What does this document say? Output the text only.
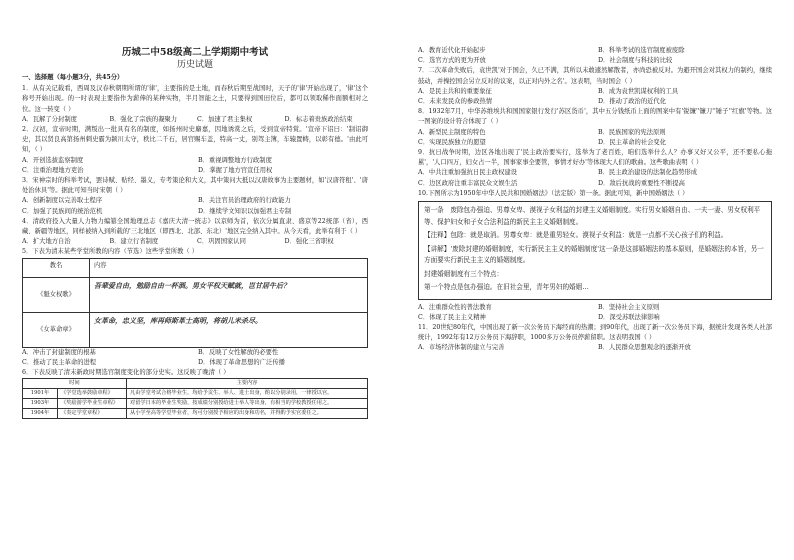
历城二中58级高二上学期期中考试
历史试题
一、选择题（每小题3分，共45分）

1．从有关记载看，西周及汉春秋朝期所谓的'律'，主要指的是土地，而春秋后期至战国时，天子的'律'开始出现了，'律'这个称号开始出现。的一时表现主要指作为薪俸的某种实物，半月智能之土，只要得到国田位后，都可以领取稀作面额相对之位。这一转变（ ）

A．瓦解了分封制度	B．强化了宗族的凝聚力	C．加速了君主集权	D．标志着贵族政治结束

2．汉初，宣帝时期，满叛出一批具有名的制度，如扬州时史麝嘉，因地诱赏之后，受到宣帝特赏。'宣帝下诏曰：'制诏御史，其以贤良高第扬州刺史霸为颍川太守，秩比二千石，居官赐车盖，特高一丈，别驾主簿，车辕置帱，以彰有德。'由此可知，（ ）

A．开创选拔监察制度	B．重视调整地方行政制度
C．注重治理地方吏治	D．掌握了地方官宣任用权

3．宋神宗时的科举考试，罢诗赋、贴经、墨义，专考策论和大义，其中策问大抵以汉唐故事为主要题材，如'汉唐符租'、'唐处治休具'等。据此可知当时宋朝（ ）

A．创新制度以完善取士程序	B．关注官员治理政府的行政能力
C．加强了民族间的统治范机	D．继续学文知识以加强君主专制

4．清政府投入大量人力物力编纂全国地理总志《嘉庆大清一统志》以京师为首，依次分属直隶、盛京等22统部（省），西藏、新疆等地区，同样被纳入到所载的'三北地区（即西北、北部、东北）'地区完全纳入其中。从今天看，此举有利于（ ）

A．扩大地方自治	B．建立行省制度	C．巩固国家认同	D．强化三省职权

5．下表为清末某些学堂所教的内容（节选）这些学堂所教（ ）

教名	内容
《魁女权歌》	吾辈爱自由，勉励自由一杯酒。男女平权天赋就，岂甘居牛后？
《女革命章》	女革命，忠义坚，库再师斯革士高明，将胡儿米杀尽。
A．冲击了封建制度的根基	B．反映了女性解放的必要性
C．推动了民主革命的进程	D．体现了革命思想的广泛传播

6．下表反映了清末新政时期选官制度变化的部分史实。这反映了晚清（ ）

时间		主要内容
1901年	《学堂选举鼓励章程》	凡由学堂考试合格毕业生，均给予贡生、举人、进士出身，酌以分别录用，一律授以官。
1903年	《奖励游学毕业生章程》	对留学日本的毕业生奖励，按成绩分别授给进士举人等出身，有相当的学校教授任用之。
1904年	《奏定学堂章程》	从小学至高等学堂毕业者，均可分别授予相应的出身和功名，并得酌予实官委任之。
A．教育近代化开始起步	B．科举考试的选官制度被废除
C．选官方式的更为开放	D．社会制度与科技的比较

7．二次革命失败后，袁世凯'对于国会，久已不满，其所以未敢遽然解散者，亦尚恐被反对。为避开国会对其权力的制约，继续鼓动，并操控国会另立反对的议案，以正对内外之名'。这表明，当时国会（ ）

A．是民主共和的重要象征	B．成为袁世凯谋权利的工具
C．未来发民众的参政热情	D．推动了政治的近代化

8．1932年7月，中华苏维埃共和国国家银行发行'苏区货币'，其中五分钱纸币上面的图案中有'锐镰''镰刀''锤子''红旗'等物。这一图案的设计符合体现了（ ）

A．新型民主制度的特色	B．民族国家的宪法原则
C．实现民族独立的愿望	D．民主革命的社会变化

9．抗日战争时期，边区各地出现了'民主政治要实行，选举为了老百姓，咱们选举什么人？办事又好又公平，还不要私心拖累'，'人口四万，妇女占一半，国事家事全要管，事情才好办'等体现大人们的歌曲。这些歌曲表明（ ）

A．中共注重加强抗日民主政权建设	B．民主政治建设的法制化趋势形成
C．边区政府注重丰富民众文娱生活	D．敌后抗战的重要性不断提高

10.下图所示为1950年中华人民共和国婚姻法》（法定版）第一条。据此可知，新中国婚姻法（ ）

第一条　废除包办强迫、男尊女卑、漠视子女利益的封建主义婚姻制度。实行男女婚姻自由、一夫一妻、男女权利平等、保护妇女和子女合法利益的新民主主义婚姻制度。

【注释】包除：就是取消。男尊女卑：就是重男轻女。漠视子女利益：就是一点都不关心孩子们的利益。

【讲解】'废除封建的婚姻制度，实行新民主主义的婚姻制度'这一条是这部婚姻法的基本原则，是婚姻法的本旨，另一方面要实行新民主主义的婚姻制度。

封建婚姻制度有三个特点：

第一个特点是包办强迫。在旧社会里，青年男妇的婚姻…

A．注重群众性的普法教育	B．坚持社会主义原则
C．体现了民主主义精神	D．深受苏联法律影响

11．20世纪80年代，中国出现了新一次公务员下海经商的热潮；到90年代，出现了新一次公务员下海，据统计发现各类人社部统计，1992年有12万公务员下海辞职，1000多万公务员停薪留职。这表明我国（ ）

A．市场经济体制的建立与完善	B．人民群众思想观念的逐渐开放
